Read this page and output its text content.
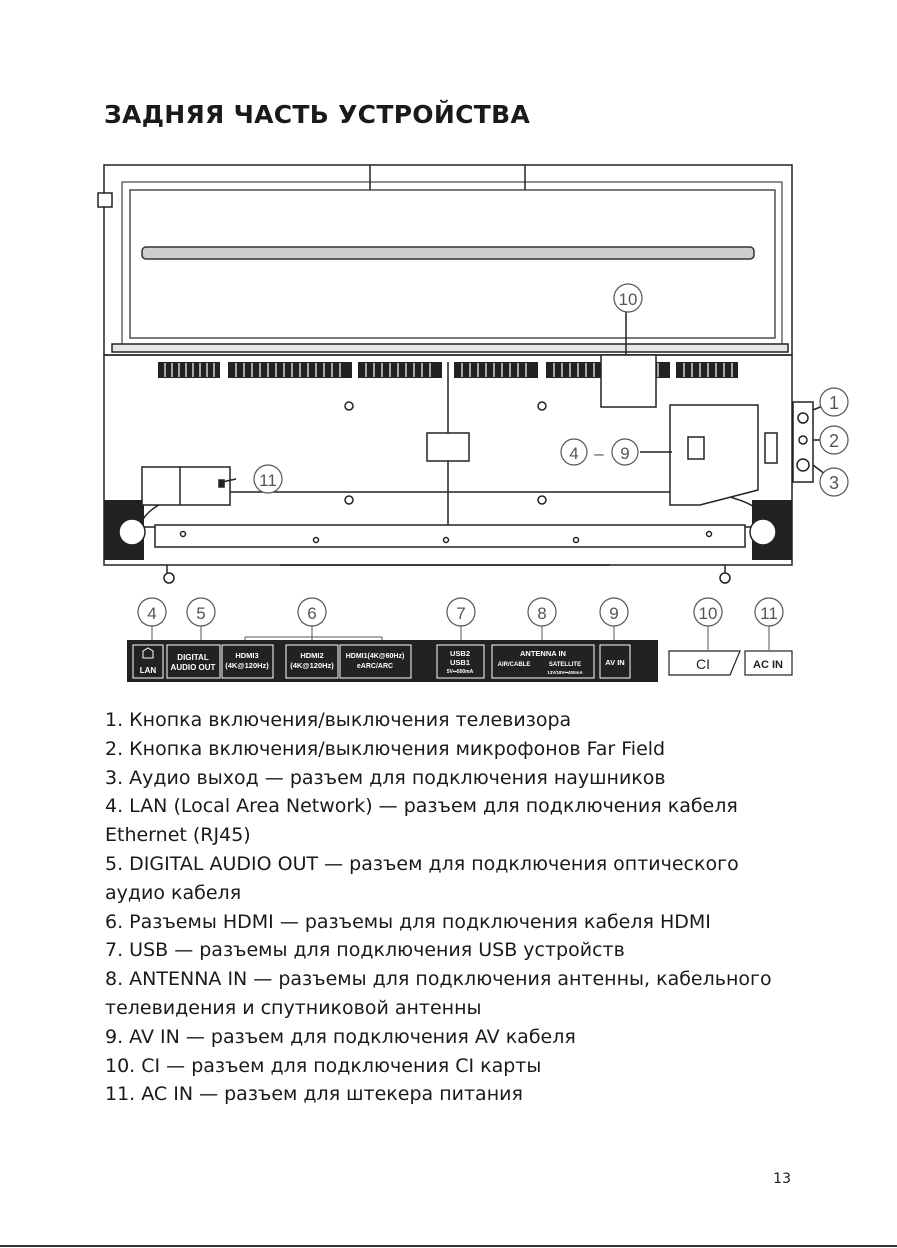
ЗАДНЯЯ ЧАСТЬ УСТРОЙСТВА
10
11
1
2
3
4 – 9
4 5	6	7	8	9	10	11
LAN
DIGITAL
AUDIO OUT
HDMI3
(4K@120Hz)
HDMI2
(4K@120Hz)
HDMI1(4K@60Hz)
eARC/ARC
USB2
USB1
5V⎓500mA
ANTENNA IN
AIR/CABLE	SATELLITE
13V/18V⎓400mA
AV IN	CI	AC IN
1. Кнопка включения/выключения телевизора
2. Кнопка включения/выключения микрофонов Far Field
3. Аудио выход — разъем для подключения наушников
4. LAN (Local Area Network) — разъем для подключения кабеля
Ethernet (RJ45)
5. DIGITAL AUDIO OUT — разъем для подключения оптического
аудио кабеля
6. Разъемы HDMI — разъемы для подключения кабеля HDMI
7. USB — разъемы для подключения USB устройств
8. ANTENNA IN — разъемы для подключения антенны, кабельного
телевидения и спутниковой антенны
9. AV IN — разъем для подключения AV кабеля
10. CI — разъем для подключения CI карты
11. AC IN — разъем для штекера питания
13
